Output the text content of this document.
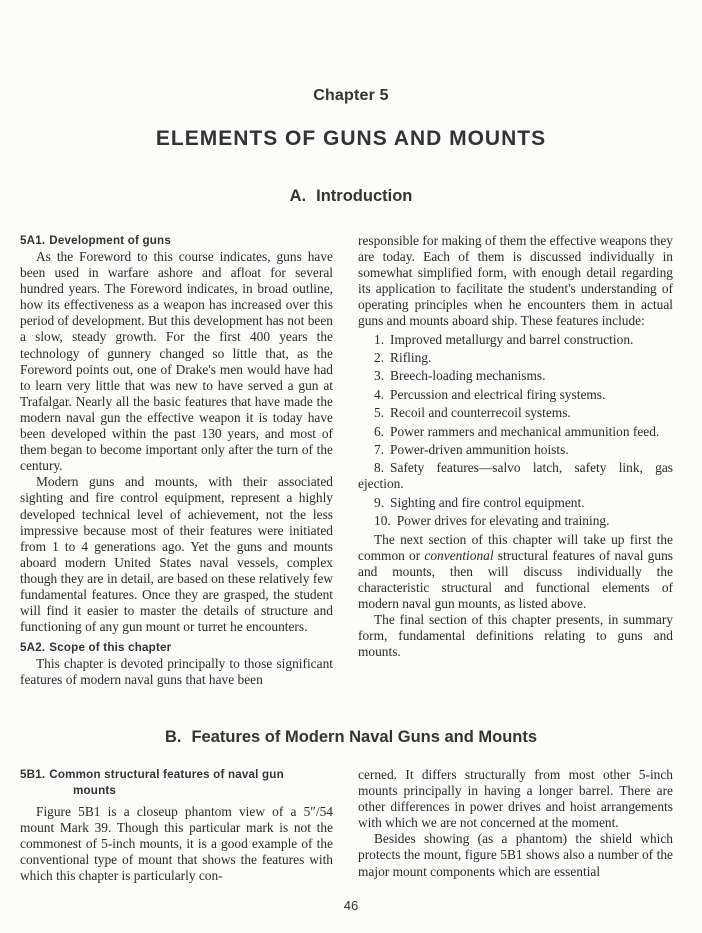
Chapter 5
ELEMENTS OF GUNS AND MOUNTS
A. Introduction
5A1. Development of guns

As the Foreword to this course indicates, guns have been used in warfare ashore and afloat for several hundred years. The Foreword indicates, in broad outline, how its effectiveness as a weapon has increased over this period of development. But this development has not been a slow, steady growth. For the first 400 years the technology of gunnery changed so little that, as the Foreword points out, one of Drake's men would have had to learn very little that was new to have served a gun at Trafalgar. Nearly all the basic features that have made the modern naval gun the effective weapon it is today have been developed within the past 130 years, and most of them began to become important only after the turn of the century.

Modern guns and mounts, with their associated sighting and fire control equipment, represent a highly developed technical level of achievement, not the less impressive because most of their features were initiated from 1 to 4 generations ago. Yet the guns and mounts aboard modern United States naval vessels, complex though they are in detail, are based on these relatively few fundamental features. Once they are grasped, the student will find it easier to master the details of structure and functioning of any gun mount or turret he encounters.

5A2. Scope of this chapter

This chapter is devoted principally to those significant features of modern naval guns that have been

responsible for making of them the effective weapons they are today. Each of them is discussed individually in somewhat simplified form, with enough detail regarding its application to facilitate the student's understanding of operating principles when he encounters them in actual guns and mounts aboard ship. These features include:

1. Improved metallurgy and barrel construction.
2. Rifling.
3. Breech-loading mechanisms.
4. Percussion and electrical firing systems.
5. Recoil and counterrecoil systems.
6. Power rammers and mechanical ammunition feed.
7. Power-driven ammunition hoists.
8. Safety features—salvo latch, safety link, gas ejection.
9. Sighting and fire control equipment.
10. Power drives for elevating and training.

The next section of this chapter will take up first the common or conventional structural features of naval guns and mounts, then will discuss individually the characteristic structural and functional elements of modern naval gun mounts, as listed above.

The final section of this chapter presents, in summary form, fundamental definitions relating to guns and mounts.

B. Features of Modern Naval Guns and Mounts
5B1. Common structural features of naval gun
mounts

Figure 5B1 is a closeup phantom view of a 5″/54 mount Mark 39. Though this particular mark is not the commonest of 5-inch mounts, it is a good example of the conventional type of mount that shows the features with which this chapter is particularly con-

cerned. It differs structurally from most other 5-inch mounts principally in having a longer barrel. There are other differences in power drives and hoist arrangements with which we are not concerned at the moment.

Besides showing (as a phantom) the shield which protects the mount, figure 5B1 shows also a number of the major mount components which are essential

46
